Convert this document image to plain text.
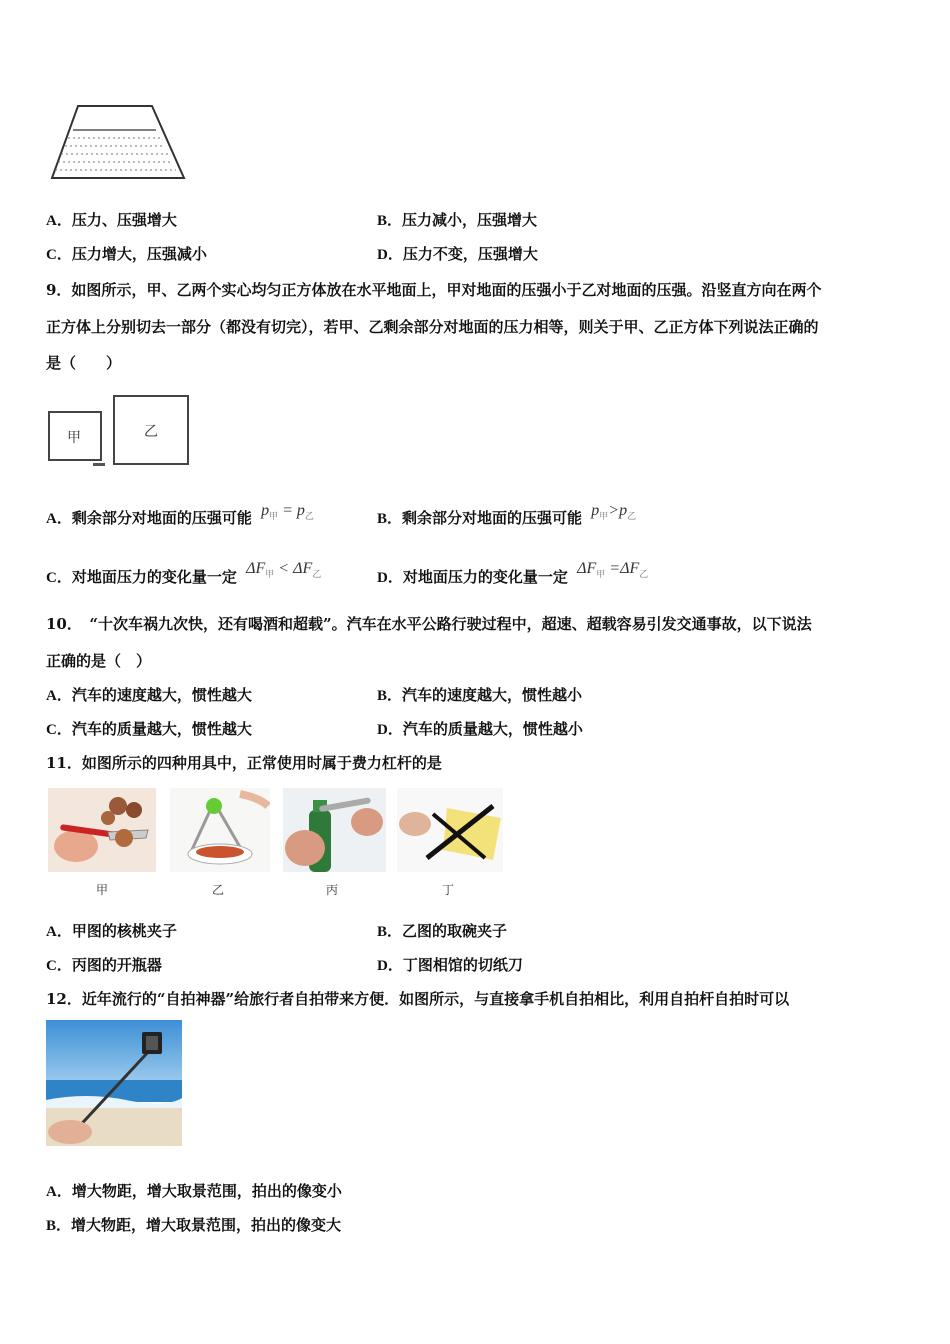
A．压力、压强增大	B．压力减小，压强增大
C．压力增大，压强减小	D．压力不变，压强增大
9．如图所示，甲、乙两个实心均匀正方体放在水平地面上，甲对地面的压强小于乙对地面的压强。沿竖直方向在两个
正方体上分别切去一部分（都没有切完），若甲、乙剩余部分对地面的压力相等，则关于甲、乙正方体下列说法正确的
是（　　）
甲	乙
A．剩余部分对地面的压强可能 $p_甲 = p_乙$	B．剩余部分对地面的压强可能 $p_甲>p_乙$
C．对地面压力的变化量一定 $\Delta F_甲 < \Delta F_乙$	D．对地面压力的变化量一定 $\Delta F_甲 =\Delta F_乙$
10．　“十次车祸九次快，还有喝酒和超载”。汽车在水平公路行驶过程中，超速、超载容易引发交通事故，以下说法
正确的是（　）
A．汽车的速度越大，惯性越大	B．汽车的速度越大，惯性越小
C．汽车的质量越大，惯性越大	D．汽车的质量越大，惯性越小
11．如图所示的四种用具中，正常使用时属于费力杠杆的是
甲	乙	丙	丁
A．甲图的核桃夹子	B．乙图的取碗夹子
C．丙图的开瓶器	D．丁图相馆的切纸刀
12．近年流行的“自拍神器”给旅行者自拍带来方便．如图所示，与直接拿手机自拍相比，利用自拍杆自拍时可以
A．增大物距，增大取景范围，拍出的像变小
B．增大物距，增大取景范围，拍出的像变大
